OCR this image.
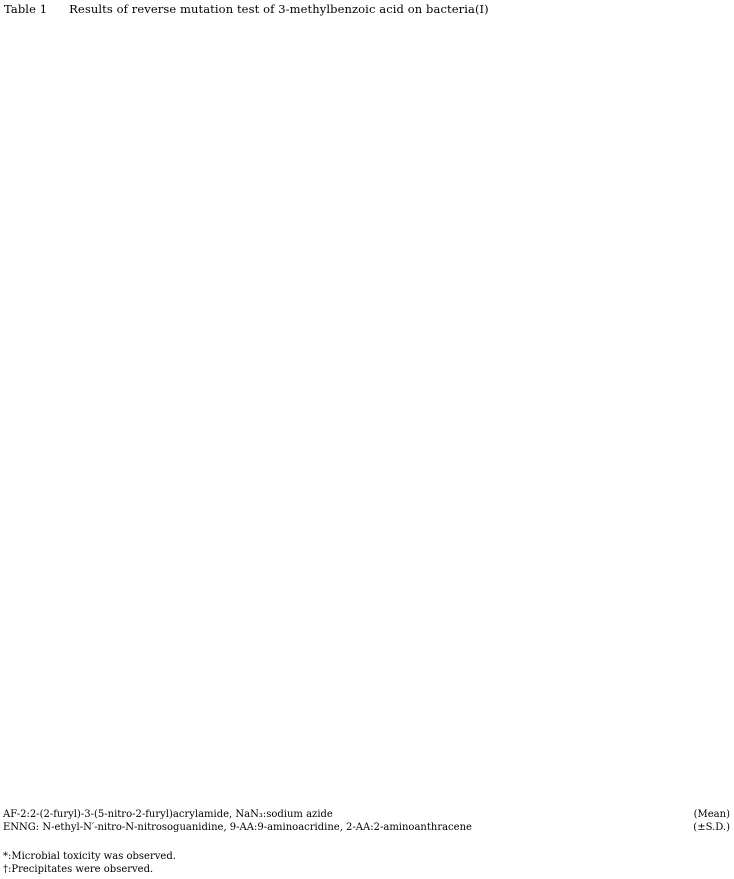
Table 1 Results of reverse mutation test of 3-methylbenzoic acid on bacteria(I)
AF-2:2-(2-furyl)-3-(5-nitro-2-furyl)acrylamide, NaN₃:sodium azide
ENNG: N-ethyl-N′-nitro-N-nitrosoguanidine, 9-AA:9-aminoacridine, 2-AA:2-aminoanthracene
(Mean)
(±S.D.)
*:Microbial toxicity was observed.
†:Precipitates were observed.
